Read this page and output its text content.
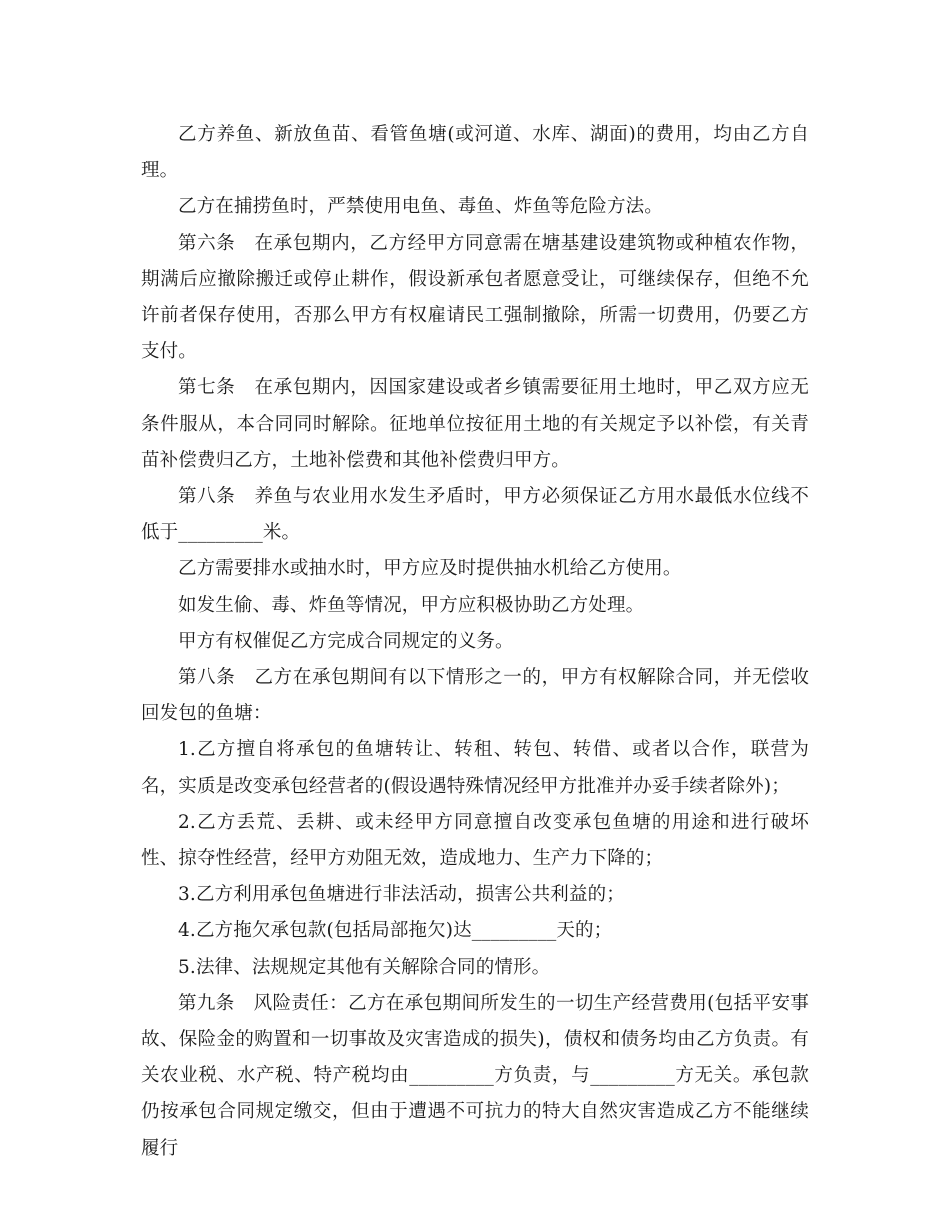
乙方养鱼、新放鱼苗、看管鱼塘(或河道、水库、湖面)的费用，均由乙方自理。

乙方在捕捞鱼时，严禁使用电鱼、毒鱼、炸鱼等危险方法。

第六条　在承包期内，乙方经甲方同意需在塘基建设建筑物或种植农作物，期满后应撤除搬迁或停止耕作，假设新承包者愿意受让，可继续保存，但绝不允许前者保存使用，否那么甲方有权雇请民工强制撤除，所需一切费用，仍要乙方支付。

第七条　在承包期内，因国家建设或者乡镇需要征用土地时，甲乙双方应无条件服从，本合同同时解除。征地单位按征用土地的有关规定予以补偿，有关青苗补偿费归乙方，土地补偿费和其他补偿费归甲方。

第八条　养鱼与农业用水发生矛盾时，甲方必须保证乙方用水最低水位线不低于_________米。

乙方需要排水或抽水时，甲方应及时提供抽水机给乙方使用。

如发生偷、毒、炸鱼等情况，甲方应积极协助乙方处理。

甲方有权催促乙方完成合同规定的义务。

第八条　乙方在承包期间有以下情形之一的，甲方有权解除合同，并无偿收回发包的鱼塘：

1.乙方擅自将承包的鱼塘转让、转租、转包、转借、或者以合作，联营为名，实质是改变承包经营者的(假设遇特殊情况经甲方批准并办妥手续者除外)；

2.乙方丢荒、丢耕、或未经甲方同意擅自改变承包鱼塘的用途和进行破坏性、掠夺性经营，经甲方劝阻无效，造成地力、生产力下降的；

3.乙方利用承包鱼塘进行非法活动，损害公共利益的；

4.乙方拖欠承包款(包括局部拖欠)达_________天的；

5.法律、法规规定其他有关解除合同的情形。

第九条　风险责任：乙方在承包期间所发生的一切生产经营费用(包括平安事故、保险金的购置和一切事故及灾害造成的损失)，债权和债务均由乙方负责。有关农业税、水产税、特产税均由_________方负责，与_________方无关。承包款仍按承包合同规定缴交，但由于遭遇不可抗力的特大自然灾害造成乙方不能继续履行
